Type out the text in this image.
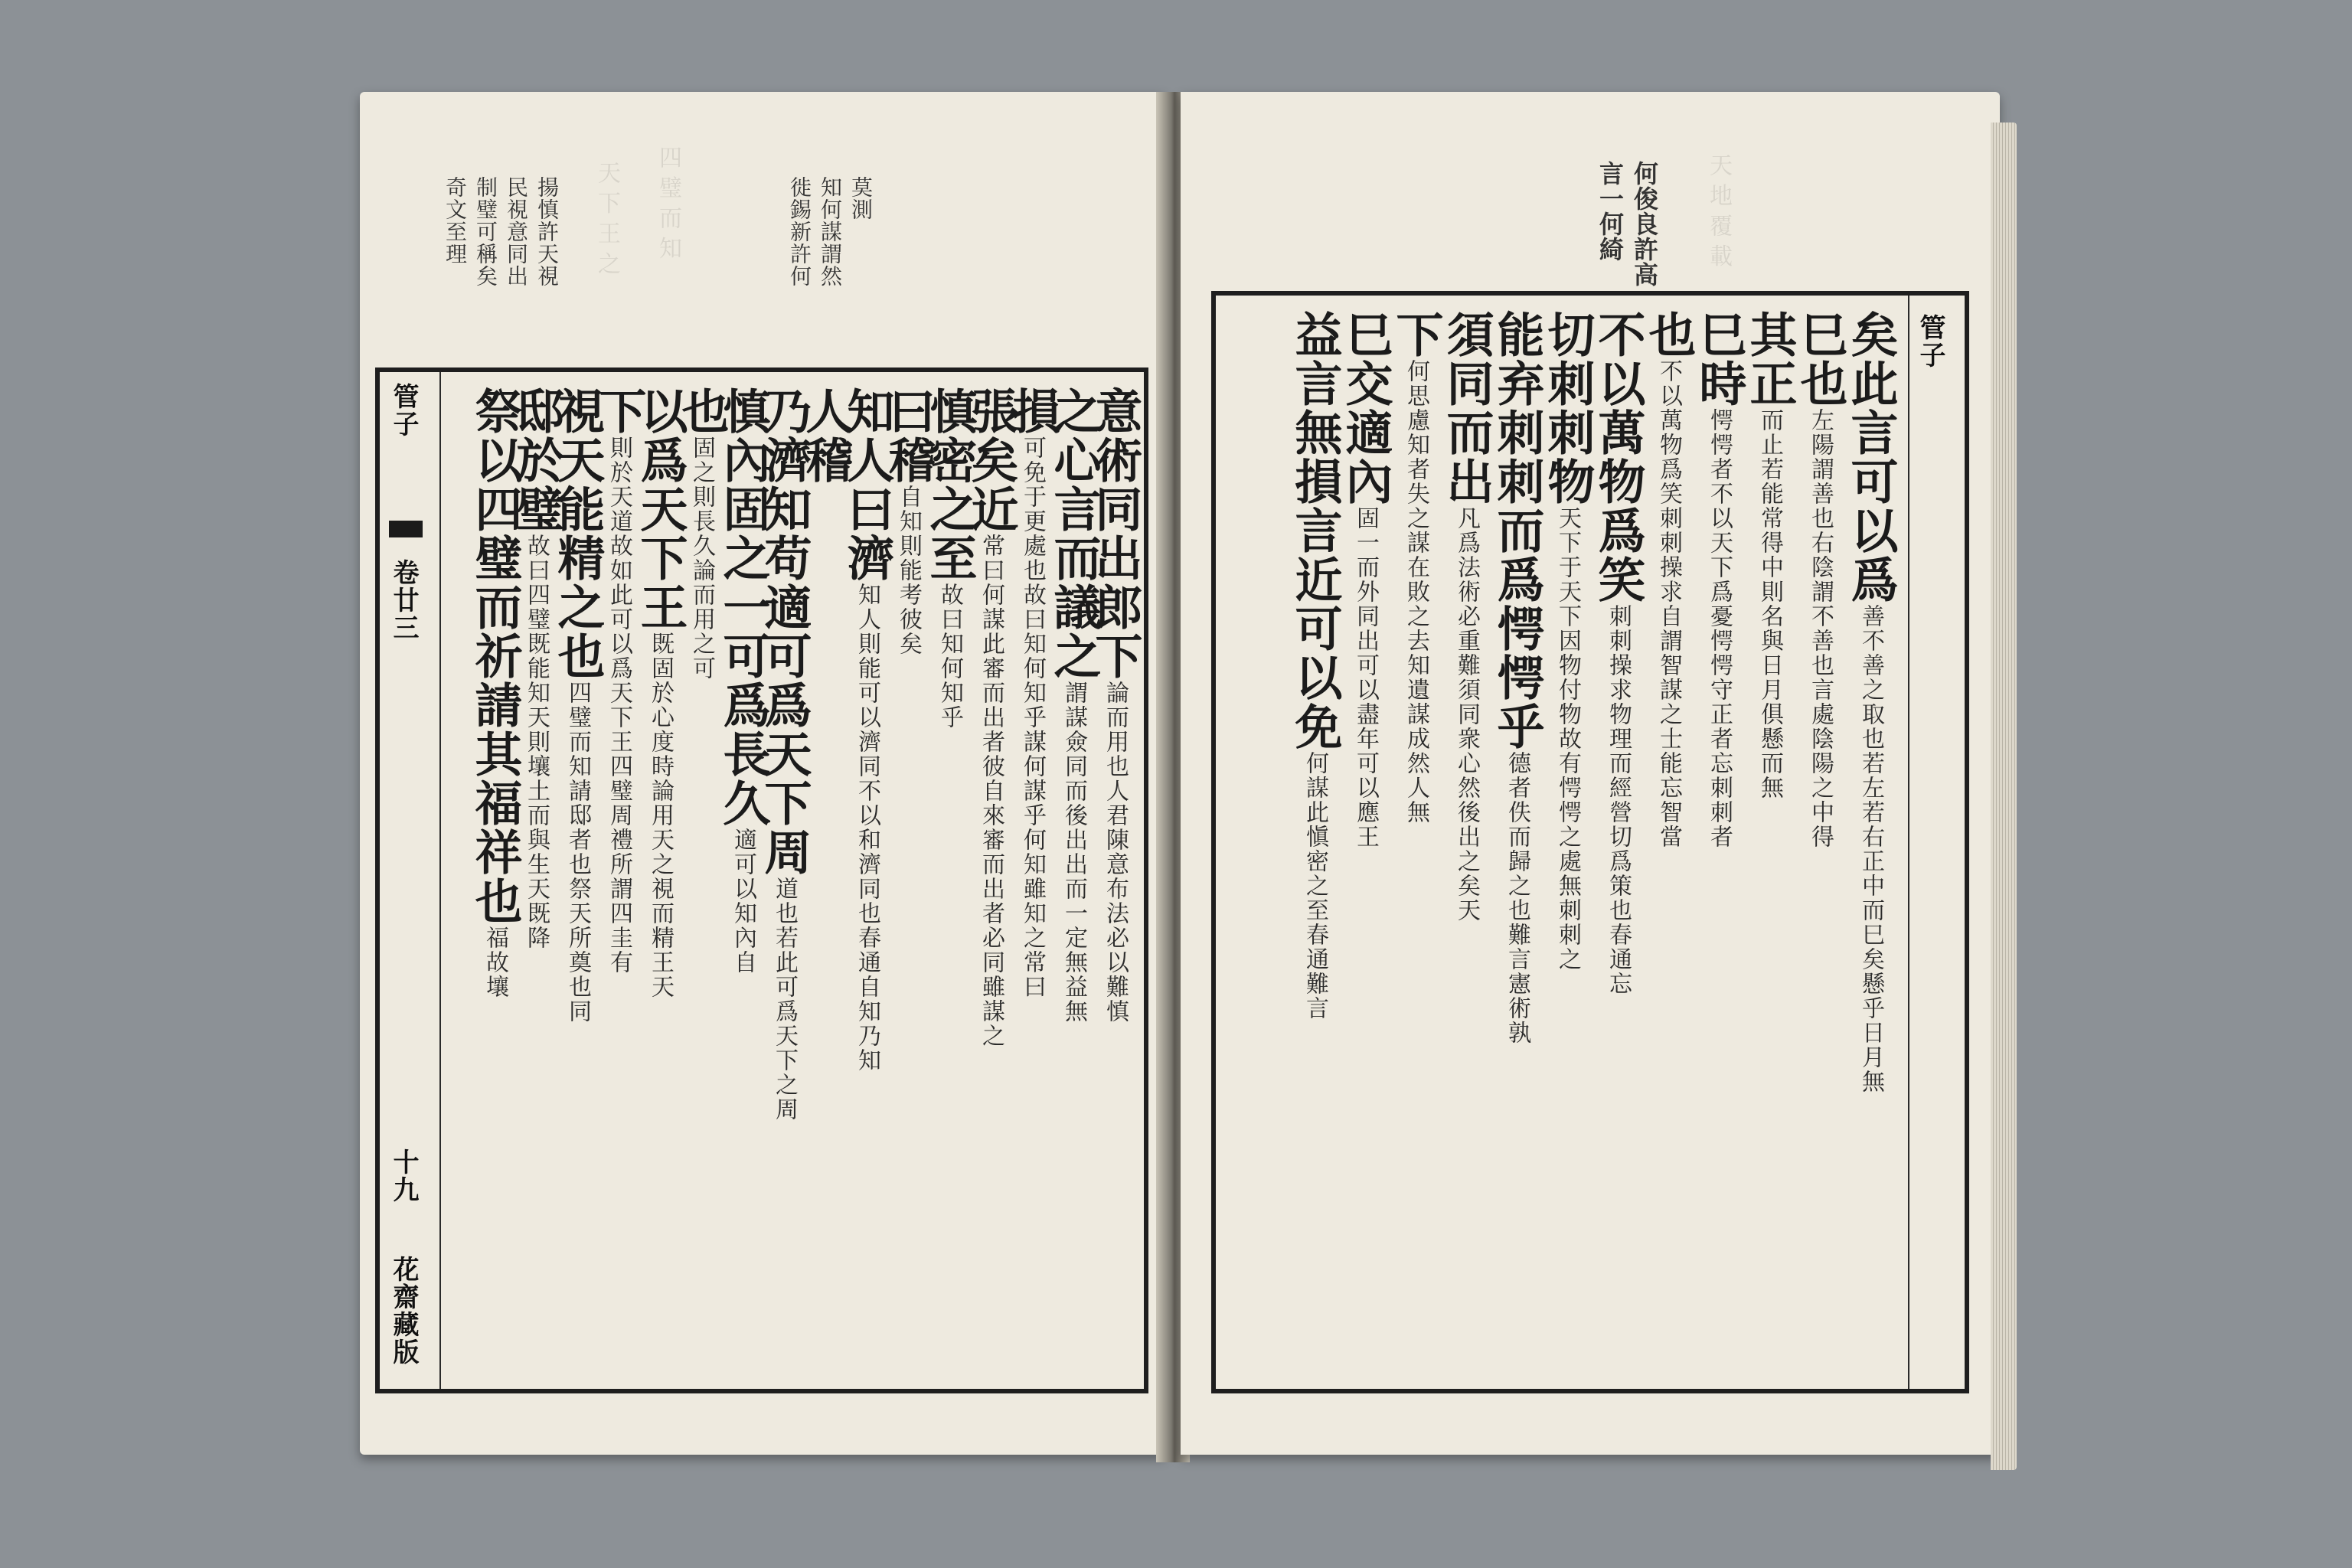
天 下 王 之 四 璧 而 知	莫測
知何謀謂然
徙錫新許何
奇文至理 制璧可稱矣 民視意同出 揚慎許天視
管子
卷廿三
十九
花齋藏版
意術同出郎下論而用也人君陳意布法必以難慎
之心言而議之謂謀僉同而後出出而一定無益無
損可免于更處也故曰知何知乎謀何謀乎何知雖知之常曰
張矣近常曰何謀此審而出者彼自來審而出者必同雖謀之
慎密之至故曰知何知乎
曰稽自知則能考彼矣
知人曰濟知人則能可以濟同不以和濟同也春通自知乃知
人稽
乃濟知苟適可爲天下周道也若此可爲天下之周
慎內固之一可爲長久適可以知內自
也固之則長久論而用之可
以爲天下王既固於心度時論用天之視而精王天
下則於天道故如此可以爲天下王四璧周禮所謂四圭有
視天能精之也四璧而知請邸者也祭天所奠也同
邸於璧故曰四璧既能知天則壤土而與生天既降
祭以四璧而祈請其福祥也福故壤
天 地 覆 載
何俊良許高
言一何綺
管子
矣此言可以爲善不善之取也若左若右正中而巳矣懸乎日月無
巳也左陽謂善也右陰謂不善也言處陰陽之中得
其正而止若能常得中則名與日月俱懸而無
巳時愕愕者不以天下爲憂愕愕守正者忘刺刺者
也不以萬物爲笑刺刺操求自謂智謀之士能忘智當
不以萬物爲笑刺刺操求物理而經營切爲策也春通忘
切刺刺物天下于天下因物付物故有愕愕之處無刺刺之
能弃刺刺而爲愕愕乎德者佚而歸之也難言憲術孰
須同而出凡爲法術必重難須同衆心然後出之矣天
下何思慮知者失之謀在敗之去知遺謀成然人無
巳交適內固一而外同出可以盡年可以應王
益言無損言近可以免何謀此愼密之至春通難言
